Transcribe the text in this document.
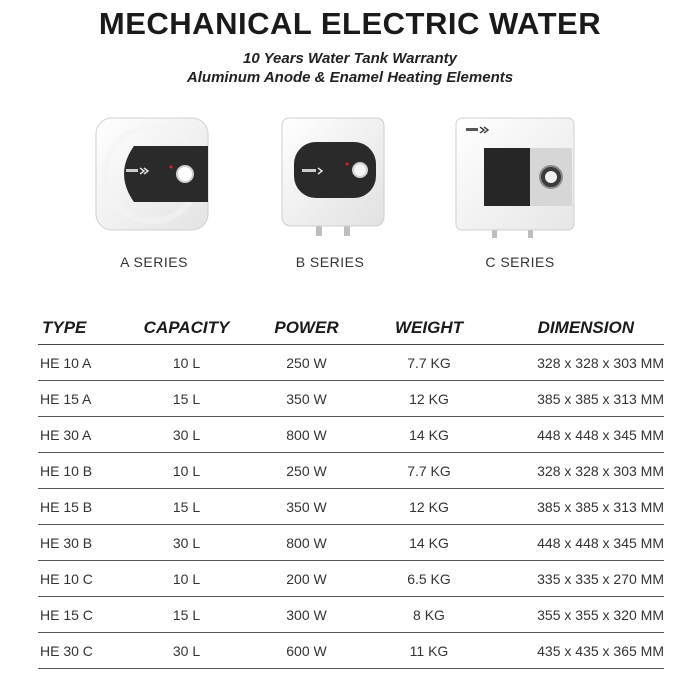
MECHANICAL ELECTRIC WATER
10 Years Water Tank Warranty
Aluminum Anode & Enamel Heating Elements
A SERIES	B SERIES	C SERIES
TYPE	CAPACITY	POWER	WEIGHT	DIMENSION
HE 10 A	10 L	250 W	7.7 KG	328 x 328 x 303 MM
HE 15 A	15 L	350 W	12 KG	385 x 385 x 313 MM
HE 30 A	30 L	800 W	14 KG	448 x 448 x 345 MM
HE 10 B	10 L	250 W	7.7 KG	328 x 328 x 303 MM
HE 15 B	15 L	350 W	12 KG	385 x 385 x 313 MM
HE 30 B	30 L	800 W	14 KG	448 x 448 x 345 MM
HE 10 C	10 L	200 W	6.5 KG	335 x 335 x 270 MM
HE 15 C	15 L	300 W	8 KG	355 x 355 x 320 MM
HE 30 C	30 L	600 W	11 KG	435 x 435 x 365 MM
